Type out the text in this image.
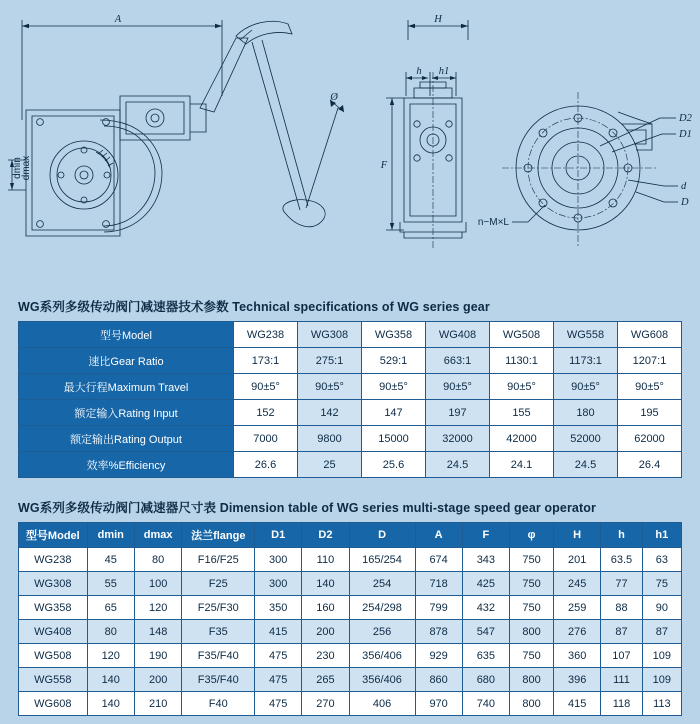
A	H
h h1
F
Ø
D2
D1
d
D
n−M×L
dmin
dmax
WG系列多级传动阀门减速器技术参数 Technical specifications of WG series gear
型号Model	WG238	WG308	WG358	WG408	WG508	WG558	WG608
速比Gear Ratio	173:1	275:1	529:1	663:1	1130:1	1173:1	1207:1
最大行程Maximum Travel	90±5°	90±5°	90±5°	90±5°	90±5°	90±5°	90±5°
额定输入Rating Input	152	142	147	197	155	180	195
额定输出Rating Output	7000	9800	15000	32000	42000	52000	62000
效率%Efficiency	26.6	25	25.6	24.5	24.1	24.5	26.4
WG系列多级传动阀门减速器尺寸表 Dimension table of WG series multi-stage speed gear operator
型号Model	dmin	dmax	法兰flange	D1	D2	D	A	F	φ	H	h	h1
WG238	45	80	F16/F25	300	110	165/254	674	343	750	201	63.5	63
WG308	55	100	F25	300	140	254	718	425	750	245	77	75
WG358	65	120	F25/F30	350	160	254/298	799	432	750	259	88	90
WG408	80	148	F35	415	200	256	878	547	800	276	87	87
WG508	120	190	F35/F40	475	230	356/406	929	635	750	360	107	109
WG558	140	200	F35/F40	475	265	356/406	860	680	800	396	111	109
WG608	140	210	F40	475	270	406	970	740	800	415	118	113
